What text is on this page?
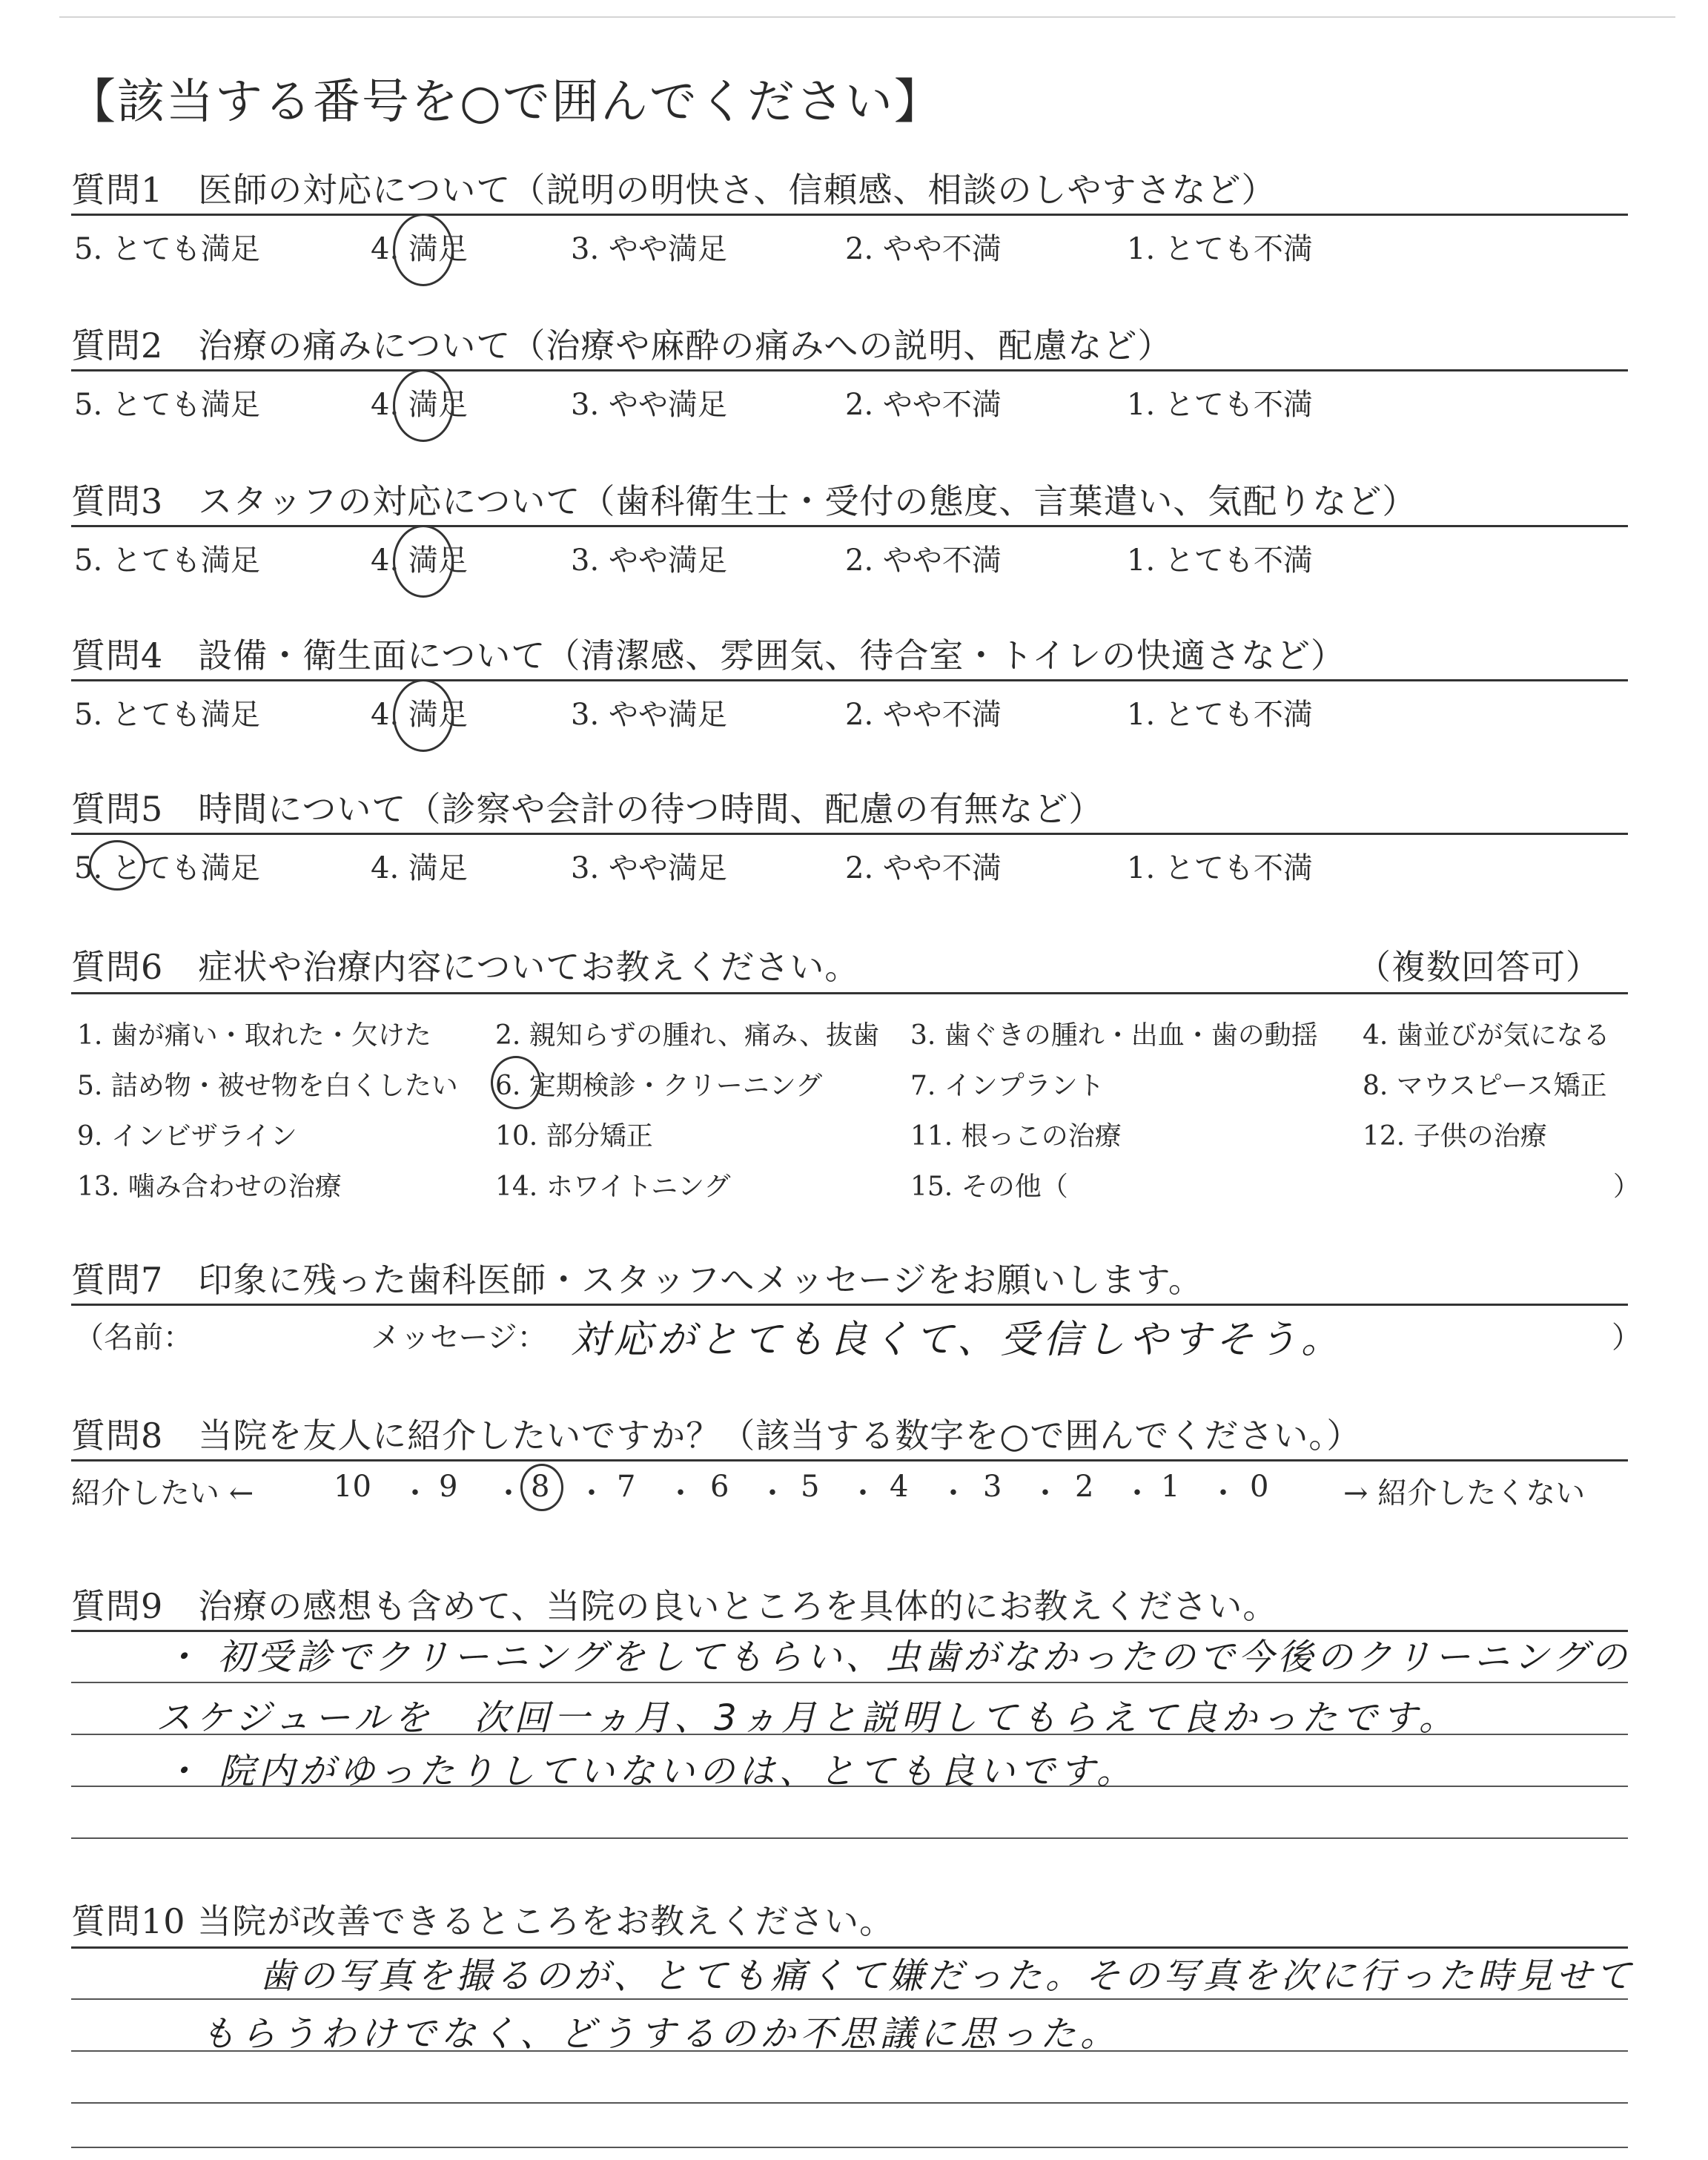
【該当する番号を○で囲んでください】
質問1　医師の対応について（説明の明快さ、信頼感、相談のしやすさなど）
5. とても満足	4. 満足	3. やや満足	2. やや不満	1. とても不満
質問2　治療の痛みについて（治療や麻酔の痛みへの説明、配慮など）
5. とても満足	4. 満足	3. やや満足	2. やや不満	1. とても不満
質問3　スタッフの対応について（歯科衛生士・受付の態度、言葉遣い、気配りなど）
5. とても満足	4. 満足	3. やや満足	2. やや不満	1. とても不満
質問4　設備・衛生面について（清潔感、雰囲気、待合室・トイレの快適さなど）
5. とても満足	4. 満足	3. やや満足	2. やや不満	1. とても不満
質問5　時間について（診察や会計の待つ時間、配慮の有無など）
5. とても満足	4. 満足	3. やや満足	2. やや不満	1. とても不満
質問6　症状や治療内容についてお教えください。	（複数回答可）
1. 歯が痛い・取れた・欠けた 2. 親知らずの腫れ、痛み、抜歯 3. 歯ぐきの腫れ・出血・歯の動揺 4. 歯並びが気になる
5. 詰め物・被せ物を白くしたい 6. 定期検診・クリーニング	7. インプラント	8. マウスピース矯正
9. インビザライン	10. 部分矯正	11. 根っこの治療	12. 子供の治療
13. 噛み合わせの治療	14. ホワイトニング	15. その他（	）
質問7　印象に残った歯科医師・スタッフへメッセージをお願いします。
（名前：	メッセージ： 対応がとても良くて、受信しやすそう。	）
質問8　当院を友人に紹介したいですか？（該当する数字を○で囲んでください。）
紹介したい ←	10 ・ 9 ・ 8 ・ 7 ・ 6 ・ 5 ・ 4 ・ 3 ・ 2 ・ 1 ・ 0	→ 紹介したくない
質問9　治療の感想も含めて、当院の良いところを具体的にお教えください。
・ 初受診でクリーニングをしてもらい、虫歯がなかったので今後のクリーニングの
スケジュールを　次回一ヵ月、3ヵ月と説明してもらえて良かったです。
・ 院内がゆったりしていないのは、とても良いです。
質問10 当院が改善できるところをお教えください。
歯の写真を撮るのが、とても痛くて嫌だった。その写真を次に行った時見せて
もらうわけでなく、どうするのか不思議に思った。
